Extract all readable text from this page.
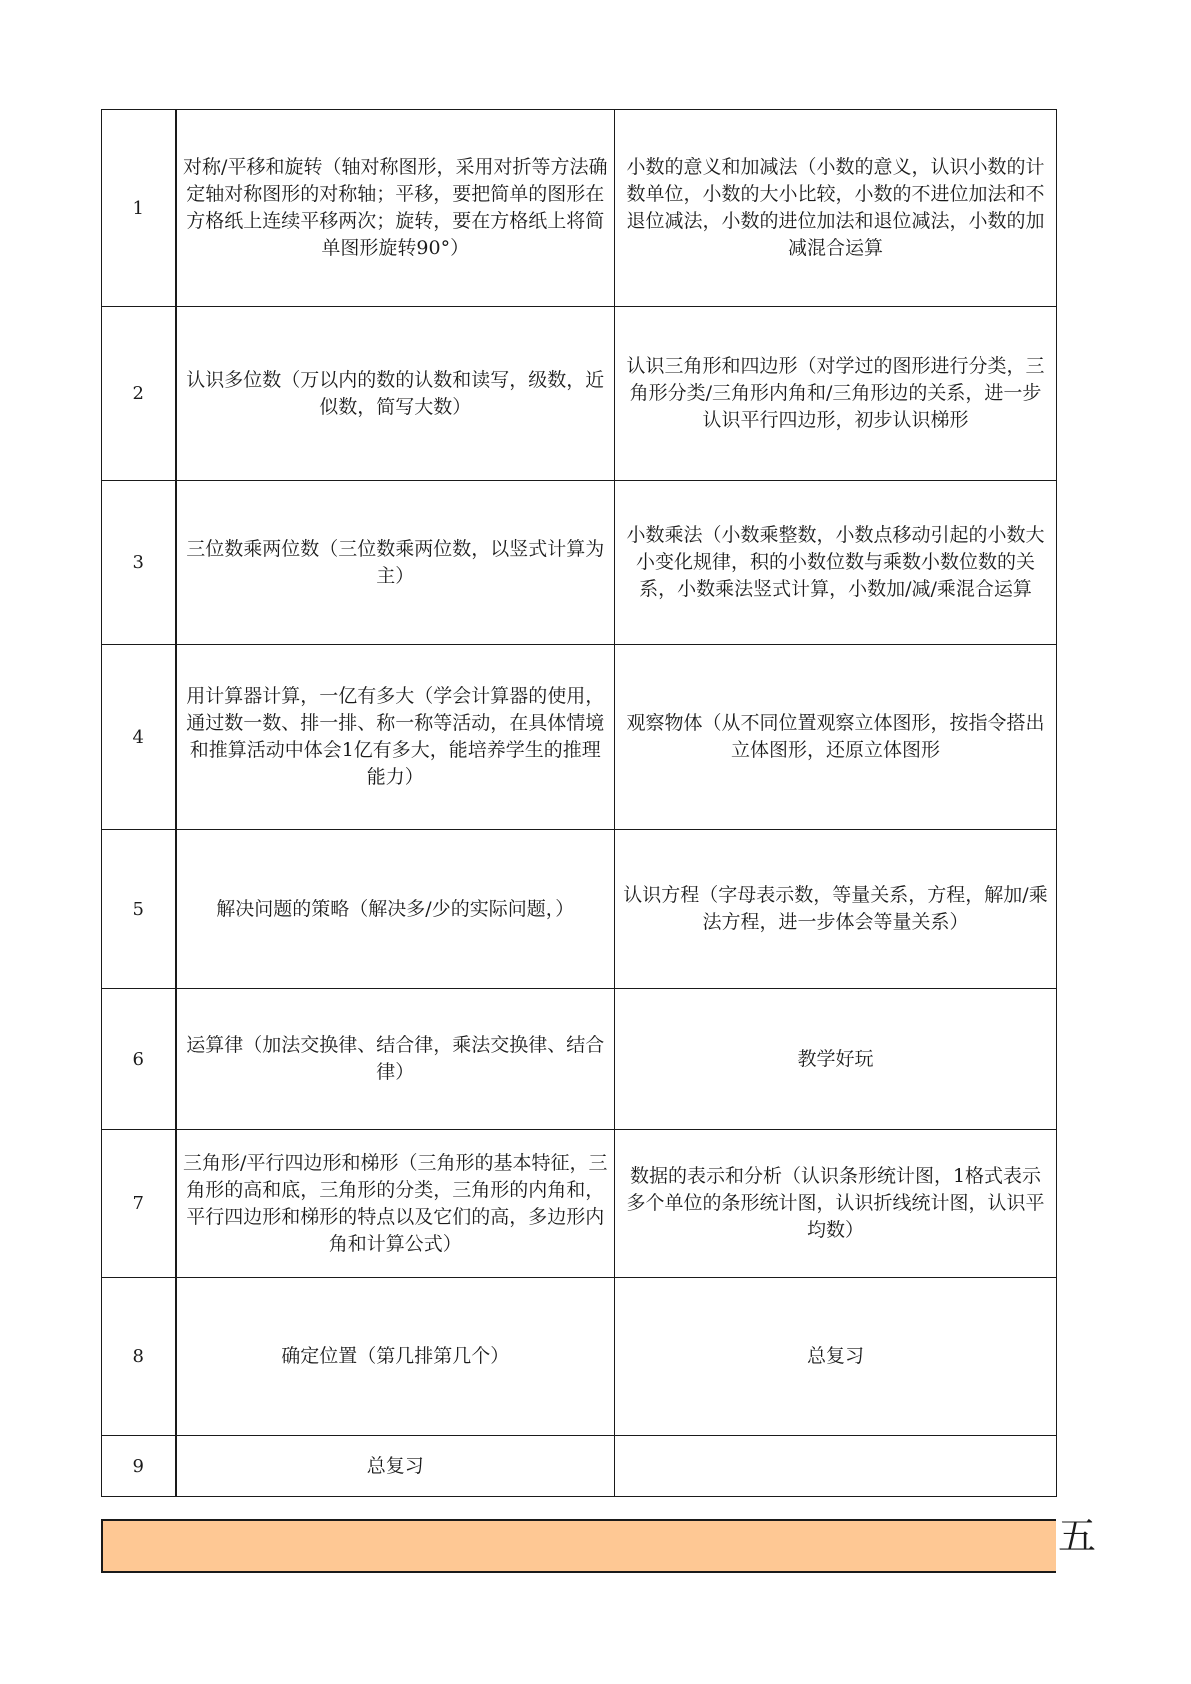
1	对称/平移和旋转（轴对称图形，采用对折等方法确定轴对称图形的对称轴；平移，要把简单的图形在方格纸上连续平移两次；旋转，要在方格纸上将简单图形旋转90°）	小数的意义和加减法（小数的意义，认识小数的计数单位，小数的大小比较，小数的不进位加法和不退位减法，小数的进位加法和退位减法，小数的加减混合运算
2	认识多位数（万以内的数的认数和读写，级数，近似数，简写大数）	认识三角形和四边形（对学过的图形进行分类，三角形分类/三角形内角和/三角形边的关系，进一步认识平行四边形，初步认识梯形
3	三位数乘两位数（三位数乘两位数，以竖式计算为主）	小数乘法（小数乘整数，小数点移动引起的小数大小变化规律，积的小数位数与乘数小数位数的关系，小数乘法竖式计算，小数加/减/乘混合运算
4	用计算器计算，一亿有多大（学会计算器的使用，通过数一数、排一排、称一称等活动，在具体情境和推算活动中体会1亿有多大，能培养学生的推理能力）	观察物体（从不同位置观察立体图形，按指令搭出立体图形，还原立体图形
5	解决问题的策略（解决多/少的实际问题，）	认识方程（字母表示数，等量关系，方程，解加/乘法方程，进一步体会等量关系）
6	运算律（加法交换律、结合律，乘法交换律、结合律）	教学好玩
7	三角形/平行四边形和梯形（三角形的基本特征，三角形的高和底，三角形的分类，三角形的内角和，平行四边形和梯形的特点以及它们的高，多边形内角和计算公式）	数据的表示和分析（认识条形统计图，1格式表示多个单位的条形统计图，认识折线统计图，认识平均数）
8	确定位置（第几排第几个）	总复习
9	总复习	
五
